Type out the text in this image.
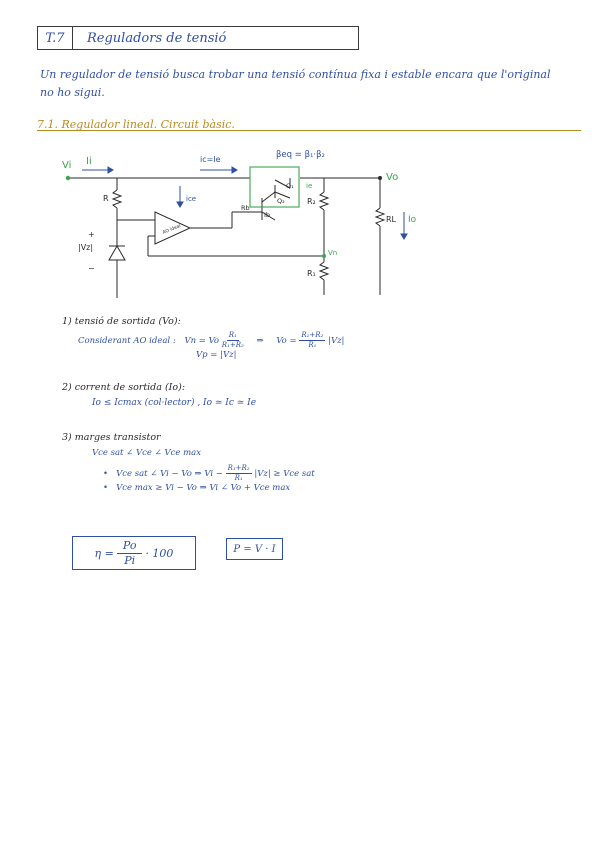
T.7	Reguladors de tensió
Un regulador de tensió busca trobar una tensió contínua fixa i estable encara que l'original
no ho sigui.
7.1. Regulador lineal. Circuit bàsic.
Vi Ii	ic=Ie	βeq = β₁·β₂
Q₁
Q₂
ie
Vo
R	ice
Rb
Ib
R₂
RL Io
|Vz|
+
−
Vn
R₁
AO ideal
1) tensió de sortida (Vo):
Considerant AO ideal : Vn = Vo $\frac{\text{R₁}}{\text{R₁+R₂}}$ ⇒ $Vo = \frac{\text{R₁+R₂}}{\text{R₁}} |Vz|$
Vp = |Vz|
2) corrent de sortida (Io):
Io ≤ Icmax (col·lector) , Io ≃ Ic ≃ Ie
3) marges transistor
Vce sat ∠ Vce ∠ Vce max
•   Vce sat ∠ Vi − Vo ⇒ $Vi - \frac{\text{R₁+R₂}}{\text{R₁}} |Vz|$ ≥ Vce sat
•   Vce max ≥ Vi − Vo ⇒ Vi ∠ Vo + Vce max
$\eta = \frac{Po}{Pi} \cdot 100$	P = V · I
